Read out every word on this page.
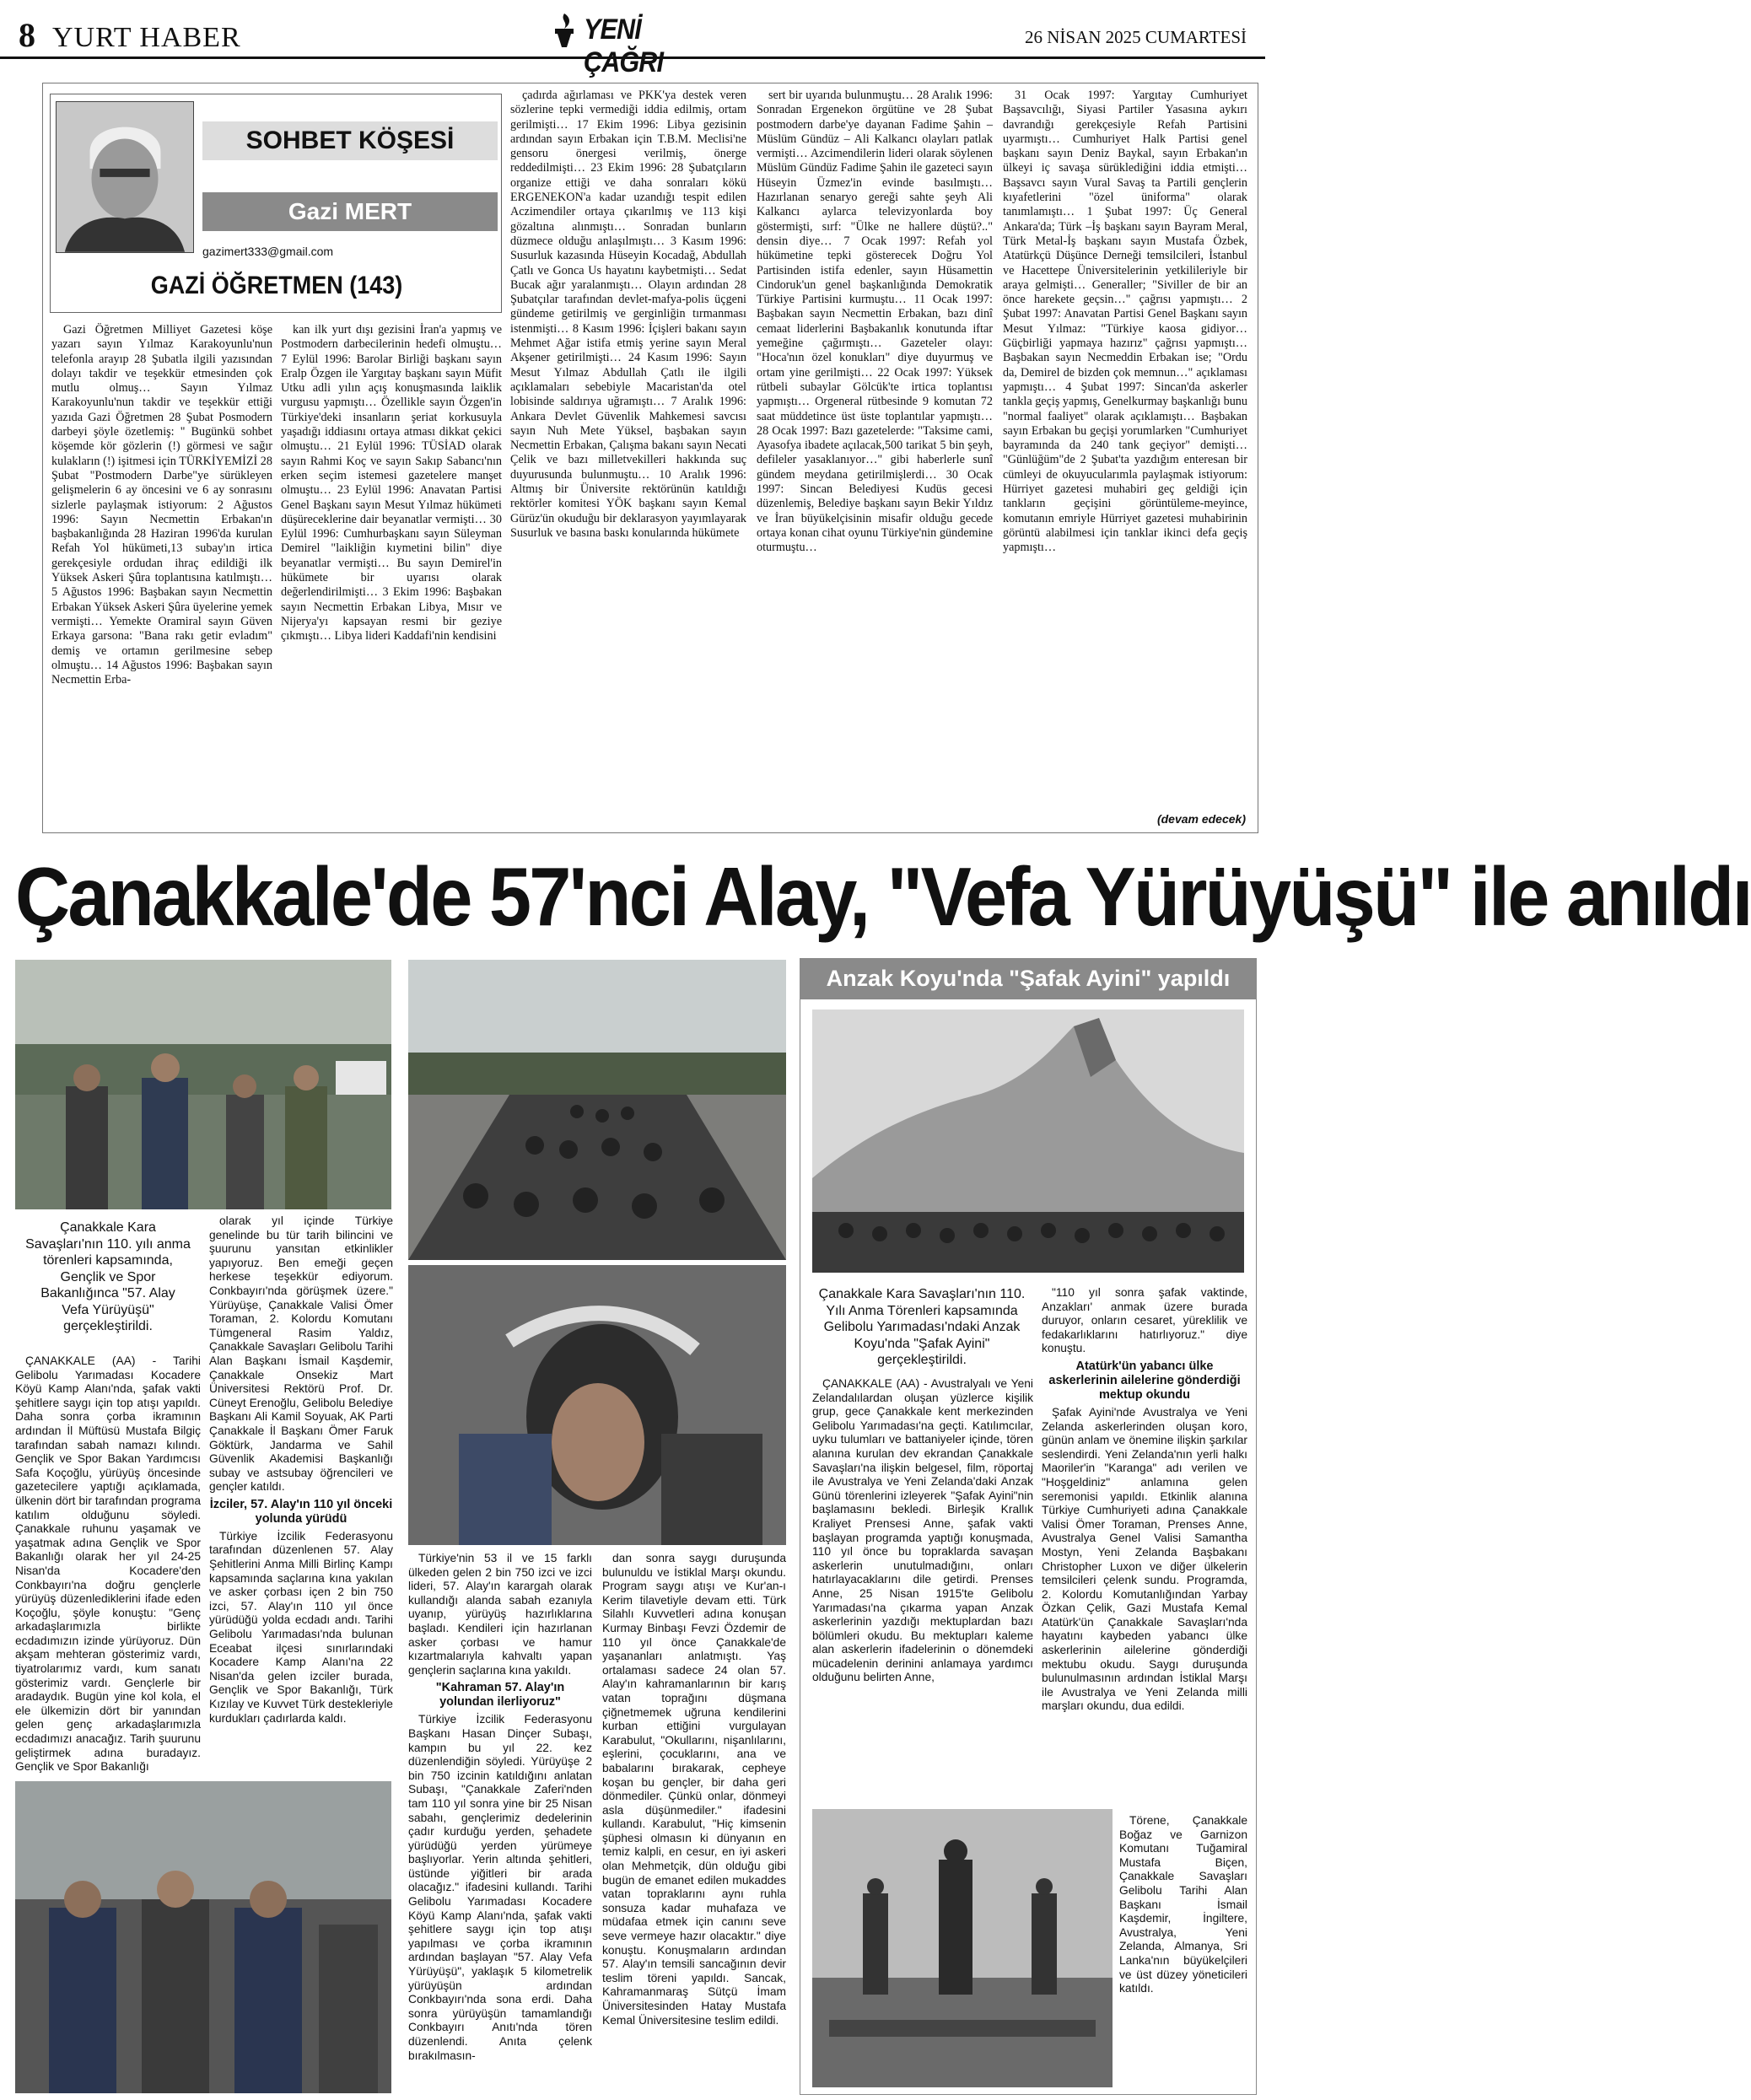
8 YURT HABER	YENİ ÇAĞRI
26 NİSAN 2025 CUMARTESİ
SOHBET KÖŞESİ
Gazi MERT
gazimert333@gmail.com
GAZİ ÖĞRETMEN (143)

Gazi Öğretmen Milliyet Gazetesi köşe yazarı sayın Yılmaz Karakoyunlu'nun telefonla arayıp 28 Şubatla ilgili yazısından dolayı takdir ve teşekkür etmesinden çok mutlu olmuş… Sayın Yılmaz Karakoyunlu'nun takdir ve teşekkür ettiği yazıda Gazi Öğretmen 28 Şubat Posmodern darbeyi şöyle özetlemiş: '' Bugünkü sohbet köşemde kör gözlerin (!) görmesi ve sağır kulakların (!) işitmesi için TÜRKİYEMİZİ 28 Şubat "Postmodern Darbe"ye sürükleyen gelişmelerin 6 ay öncesini ve 6 ay sonrasını sizlerle paylaşmak istiyorum: 2 Ağustos 1996: Sayın Necmettin Erbakan'ın başbakanlığında 28 Haziran 1996'da kurulan Refah Yol hükümeti,13 subay'ın irtica gerekçesiyle ordudan ihraç edildiği ilk Yüksek Askeri Şûra toplantısına katılmıştı… 5 Ağustos 1996: Başbakan sayın Necmettin Erbakan Yüksek Askeri Şûra üyelerine yemek vermişti… Yemekte Oramiral sayın Güven Erkaya garsona: "Bana rakı getir evladım" demiş ve ortamın gerilmesine sebep olmuştu… 14 Ağustos 1996: Başbakan sayın Necmettin Erba-

kan ilk yurt dışı gezisini İran'a yapmış ve Postmodern darbecilerinin hedefi olmuştu… 7 Eylül 1996: Barolar Birliği başkanı sayın Eralp Özgen ile Yargıtay başkanı sayın Müfit Utku adli yılın açış konuşmasında laiklik vurgusu yapmıştı… Özellikle sayın Özgen'in Türkiye'deki insanların şeriat korkusuyla yaşadığı iddiasını ortaya atması dikkat çekici olmuştu… 21 Eylül 1996: TÜSİAD olarak sayın Rahmi Koç ve sayın Sakıp Sabancı'nın erken seçim istemesi gazetelere manşet olmuştu… 23 Eylül 1996: Anavatan Partisi Genel Başkanı sayın Mesut Yılmaz hükümeti düşüreceklerine dair beyanatlar vermişti… 30 Eylül 1996: Cumhurbaşkanı sayın Süleyman Demirel "laikliğin kıymetini bilin" diye beyanatlar vermişti… Bu sayın Demirel'in hükümete bir uyarısı olarak değerlendirilmişti… 3 Ekim 1996: Başbakan sayın Necmettin Erbakan Libya, Mısır ve Nijerya'yı kapsayan resmi bir geziye çıkmıştı… Libya lideri Kaddafi'nin kendisini

çadırda ağırlaması ve PKK'ya destek veren sözlerine tepki vermediği iddia edilmiş, ortam gerilmişti… 17 Ekim 1996: Libya gezisinin ardından sayın Erbakan için T.B.M. Meclisi'ne gensoru önergesi verilmiş, önerge reddedilmişti… 23 Ekim 1996: 28 Şubatçıların organize ettiği ve daha sonraları kökü ERGENEKON'a kadar uzandığı tespit edilen Aczimendiler ortaya çıkarılmış ve 113 kişi gözaltına alınmıştı… Sonradan bunların düzmece olduğu anlaşılmıştı… 3 Kasım 1996: Susurluk kazasında Hüseyin Kocadağ, Abdullah Çatlı ve Gonca Us hayatını kaybetmişti… Sedat Bucak ağır yaralanmıştı… Olayın ardından 28 Şubatçılar tarafından devlet-mafya-polis üçgeni gündeme getirilmiş ve gerginliğin tırmanması istenmişti… 8 Kasım 1996: İçişleri bakanı sayın Mehmet Ağar istifa etmiş yerine sayın Meral Akşener getirilmişti… 24 Kasım 1996: Sayın Mesut Yılmaz Abdullah Çatlı ile ilgili açıklamaları sebebiyle Macaristan'da otel lobisinde saldırıya uğramıştı… 7 Aralık 1996: Ankara Devlet Güvenlik Mahkemesi savcısı sayın Nuh Mete Yüksel, başbakan sayın Necmettin Erbakan, Çalışma bakanı sayın Necati Çelik ve bazı milletvekilleri hakkında suç duyurusunda bulunmuştu… 10 Aralık 1996: Altmış bir Üniversite rektörünün katıldığı rektörler komitesi YÖK başkanı sayın Kemal Gürüz'ün okuduğu bir deklarasyon yayımlayarak Susurluk ve basına baskı konularında hükümete

sert bir uyarıda bulunmuştu… 28 Aralık 1996: Sonradan Ergenekon örgütüne ve 28 Şubat postmodern darbe'ye dayanan Fadime Şahin – Müslüm Gündüz – Ali Kalkancı olayları patlak vermişti… Azcimendilerin lideri olarak söylenen Müslüm Gündüz Fadime Şahin ile gazeteci sayın Hüseyin Üzmez'in evinde basılmıştı… Hazırlanan senaryo gereği sahte şeyh Ali Kalkancı aylarca televizyonlarda boy göstermişti, sırf: "Ülke ne hallere düştü?.." densin diye… 7 Ocak 1997: Refah yol hükümetine tepki gösterecek Doğru Yol Partisinden istifa edenler, sayın Hüsamettin Cindoruk'un genel başkanlığında Demokratik Türkiye Partisini kurmuştu… 11 Ocak 1997: Başbakan sayın Necmettin Erbakan, bazı dinî cemaat liderlerini Başbakanlık konutunda iftar yemeğine çağırmıştı… Gazeteler olayı: "Hoca'nın özel konukları" diye duyurmuş ve ortam yine gerilmişti… 22 Ocak 1997: Yüksek rütbeli subaylar Gölcük'te irtica toplantısı yapmıştı… Orgeneral rütbesinde 9 komutan 72 saat müddetince üst üste toplantılar yapmıştı… 28 Ocak 1997: Bazı gazetelerde: "Taksime cami, Ayasofya ibadete açılacak,500 tarikat 5 bin şeyh, defileler yasaklanıyor…" gibi haberlerle sunî gündem meydana getirilmişlerdi… 30 Ocak 1997: Sincan Belediyesi Kudüs gecesi düzenlemiş, Belediye başkanı sayın Bekir Yıldız ve İran büyükelçisinin misafir olduğu gecede ortaya konan cihat oyunu Türkiye'nin gündemine oturmuştu…

31 Ocak 1997: Yargıtay Cumhuriyet Başsavcılığı, Siyasi Partiler Yasasına aykırı davrandığı gerekçesiyle Refah Partisini uyarmıştı… Cumhuriyet Halk Partisi genel başkanı sayın Deniz Baykal, sayın Erbakan'ın ülkeyi iç savaşa sürüklediğini iddia etmişti… Başsavcı sayın Vural Savaş ta Partili gençlerin kıyafetlerini "özel üniforma" olarak tanımlamıştı… 1 Şubat 1997: Üç General Ankara'da; Türk –İş başkanı sayın Bayram Meral, Türk Metal-İş başkanı sayın Mustafa Özbek, Atatürkçü Düşünce Derneği temsilcileri, İstanbul ve Hacettepe Üniversitelerinin yetkilileriyle bir araya gelmişti… Generaller; "Siviller de bir an önce harekete geçsin…" çağrısı yapmıştı… 2 Şubat 1997: Anavatan Partisi Genel Başkanı sayın Mesut Yılmaz: "Türkiye kaosa gidiyor… Güçbirliği yapmaya hazırız" çağrısı yapmıştı… Başbakan sayın Necmeddin Erbakan ise; "Ordu da, Demirel de bizden çok memnun…" açıklaması yapmıştı… 4 Şubat 1997: Sincan'da askerler tankla geçiş yapmış, Genelkurmay başkanlığı bunu "normal faaliyet" olarak açıklamıştı… Başbakan sayın Erbakan bu geçişi yorumlarken "Cumhuriyet bayramında da 240 tank geçiyor" demişti… "Günlüğüm"de 2 Şubat'ta yazdığım enteresan bir cümleyi de okuyucularımla paylaşmak istiyorum: Hürriyet gazetesi muhabiri geç geldiği için tankların geçişini görüntüleme-meyince, komutanın emriyle Hürriyet gazetesi muhabirinin görüntü alabilmesi için tanklar ikinci defa geçiş yapmıştı…

(devam edecek)
Çanakkale'de 57'nci Alay, "Vefa Yürüyüşü" ile anıldı
Çanakkale Kara Savaşları'nın 110. yılı anma törenleri kapsamında, Gençlik ve Spor Bakanlığınca "57. Alay Vefa Yürüyüşü" gerçekleştirildi.

ÇANAKKALE (AA) - Tarihi Gelibolu Yarımadası Kocadere Köyü Kamp Alanı'nda, şafak vakti şehitlere saygı için top atışı yapıldı. Daha sonra çorba ikramının ardından İl Müftüsü Mustafa Bilgiç tarafından sabah namazı kılındı. Gençlik ve Spor Bakan Yardımcısı Safa Koçoğlu, yürüyüş öncesinde gazetecilere yaptığı açıklamada, ülkenin dört bir tarafından programa katılım olduğunu söyledi. Çanakkale ruhunu yaşamak ve yaşatmak adına Gençlik ve Spor Bakanlığı olarak her yıl 24-25 Nisan'da Kocadere'den Conkbayırı'na doğru gençlerle yürüyüş düzenlediklerini ifade eden Koçoğlu, şöyle konuştu: "Genç arkadaşlarımızla birlikte ecdadımızın izinde yürüyoruz. Dün akşam mehteran gösterimiz vardı, tiyatrolarımız vardı, kum sanatı gösterimiz vardı. Gençlerle bir aradaydık. Bugün yine kol kola, el ele ülkemizin dört bir yanından gelen genç arkadaşlarımızla ecdadımızı anacağız. Tarih şuurunu geliştirmek adına buradayız. Gençlik ve Spor Bakanlığı

olarak yıl içinde Türkiye genelinde bu tür tarih bilincini ve şuurunu yansıtan etkinlikler yapıyoruz. Ben emeği geçen herkese teşekkür ediyorum. Conkbayırı'nda görüşmek üzere." Yürüyüşe, Çanakkale Valisi Ömer Toraman, 2. Kolordu Komutanı Tümgeneral Rasim Yaldız, Çanakkale Savaşları Gelibolu Tarihi Alan Başkanı İsmail Kaşdemir, Çanakkale Onsekiz Mart Üniversitesi Rektörü Prof. Dr. Cüneyt Erenoğlu, Gelibolu Belediye Başkanı Ali Kamil Soyuak, AK Parti Çanakkale İl Başkanı Ömer Faruk Göktürk, Jandarma ve Sahil Güvenlik Akademisi Başkanlığı subay ve astsubay öğrencileri ve gençler katıldı.

İzciler, 57. Alay'ın 110 yıl önceki yolunda yürüdü

Türkiye İzcilik Federasyonu tarafından düzenlenen 57. Alay Şehitlerini Anma Milli Birlinç Kampı kapsamında saçlarına kına yakılan ve asker çorbası içen 2 bin 750 izci, 57. Alay'ın 110 yıl önce yürüdüğü yolda ecdadı andı. Tarihi Gelibolu Yarımadası'nda bulunan Eceabat ilçesi sınırlarındaki Kocadere Kamp Alanı'na 22 Nisan'da gelen izciler burada, Gençlik ve Spor Bakanlığı, Türk Kızılay ve Kuvvet Türk destekleriyle kurdukları çadırlarda kaldı.

Türkiye'nin 53 il ve 15 farklı ülkeden gelen 2 bin 750 izci ve izci lideri, 57. Alay'ın karargah olarak kullandığı alanda sabah ezanıyla uyanıp, yürüyüş hazırlıklarına başladı. Kendileri için hazırlanan asker çorbası ve hamur kızartmalarıyla kahvaltı yapan gençlerin saçlarına kına yakıldı.

"Kahraman 57. Alay'ın yolundan ilerliyoruz"

Türkiye İzcilik Federasyonu Başkanı Hasan Dinçer Subaşı, kampın bu yıl 22. kez düzenlendiğin söyledi. Yürüyüşe 2 bin 750 izcinin katıldığını anlatan Subaşı, "Çanakkale Zaferi'nden tam 110 yıl sonra yine bir 25 Nisan sabahı, gençlerimiz dedelerinin çadır kurduğu yerden, şehadete yürüdüğü yerden yürümeye başlıyorlar. Yerin altında şehitleri, üstünde yiğitleri bir arada olacağız." ifadesini kullandı. Tarihi Gelibolu Yarımadası Kocadere Köyü Kamp Alanı'nda, şafak vakti şehitlere saygı için top atışı yapılması ve çorba ikramının ardından başlayan "57. Alay Vefa Yürüyüşü", yaklaşık 5 kilometrelik yürüyüşün ardından Conkbayırı'nda sona erdi. Daha sonra yürüyüşün tamamlandığı Conkbayırı Anıtı'nda tören düzenlendi. Anıta çelenk bırakılmasın-

dan sonra saygı duruşunda bulunuldu ve İstiklal Marşı okundu. Program saygı atışı ve Kur'an-ı Kerim tilavetiyle devam etti. Türk Silahlı Kuvvetleri adına konuşan Kurmay Binbaşı Fevzi Özdemir de 110 yıl önce Çanakkale'de yaşananları anlatmıştı. Yaş ortalaması sadece 24 olan 57. Alay'ın kahramanlarının bir karış vatan toprağını düşmana çiğnetmemek uğruna kendilerini kurban ettiğini vurgulayan Karabulut, "Okullarını, nişanlılarını, eşlerini, çocuklarını, ana ve babalarını bırakarak, cepheye koşan bu gençler, bir daha geri dönmediler. Çünkü onlar, dönmeyi asla düşünmediler." ifadesini kullandı. Karabulut, "Hiç kimsenin şüphesi olmasın ki dünyanın en temiz kalpli, en cesur, en iyi askeri olan Mehmetçik, dün olduğu gibi bugün de emanet edilen mukaddes vatan topraklarını aynı ruhla sonsuza kadar muhafaza ve müdafaa etmek için canını seve seve vermeye hazır olacaktır." diye konuştu. Konuşmaların ardından 57. Alay'ın temsili sancağının devir teslim töreni yapıldı. Sancak, Kahramanmaraş Sütçü İmam Üniversitesinden Hatay Mustafa Kemal Üniversitesine teslim edildi.

Anzak Koyu'nda "Şafak Ayini" yapıldı
Çanakkale Kara Savaşları'nın 110. Yılı Anma Törenleri kapsamında Gelibolu Yarımadası'ndaki Anzak Koyu'nda "Şafak Ayini" gerçekleştirildi.

ÇANAKKALE (AA) - Avustralyalı ve Yeni Zelandalılardan oluşan yüzlerce kişilik grup, gece Çanakkale kent merkezinden Gelibolu Yarımadası'na geçti. Katılımcılar, uyku tulumları ve battaniyeler içinde, tören alanına kurulan dev ekrandan Çanakkale Savaşları'na ilişkin belgesel, film, röportaj ile Avustralya ve Yeni Zelanda'daki Anzak Günü törenlerini izleyerek "Şafak Ayini"nin başlamasını bekledi. Birleşik Krallık Kraliyet Prensesi Anne, şafak vakti başlayan programda yaptığı konuşmada, 110 yıl önce bu topraklarda savaşan askerlerin unutulmadığını, onları hatırlayacaklarını dile getirdi. Prenses Anne, 25 Nisan 1915'te Gelibolu Yarımadası'na çıkarma yapan Anzak askerlerinin yazdığı mektuplardan bazı bölümleri okudu. Bu mektupları kaleme alan askerlerin ifadelerinin o dönemdeki mücadelenin derinini anlamaya yardımcı olduğunu belirten Anne,

"110 yıl sonra şafak vaktinde, Anzakları' anmak üzere burada duruyor, onların cesaret, yüreklilik ve fedakarlıklarını hatırlıyoruz." diye konuştu.

Atatürk'ün yabancı ülke askerlerinin ailelerine gönderdiği mektup okundu

Şafak Ayini'nde Avustralya ve Yeni Zelanda askerlerinden oluşan koro, günün anlam ve önemine ilişkin şarkılar seslendirdi. Yeni Zelanda'nın yerli halkı Maoriler'in "Karanga" adı verilen ve "Hoşgeldiniz" anlamına gelen seremonisi yapıldı. Etkinlik alanına Türkiye Cumhuriyeti adına Çanakkale Valisi Ömer Toraman, Prenses Anne, Avustralya Genel Valisi Samantha Mostyn, Yeni Zelanda Başbakanı Christopher Luxon ve diğer ülkelerin temsilcileri çelenk sundu. Programda, 2. Kolordu Komutanlığından Yarbay Özkan Çelik, Gazi Mustafa Kemal Atatürk'ün Çanakkale Savaşları'nda hayatını kaybeden yabancı ülke askerlerinin ailelerine gönderdiği mektubu okudu. Saygı duruşunda bulunulmasının ardından İstiklal Marşı ile Avustralya ve Yeni Zelanda milli marşları okundu, dua edildi.

Törene, Çanakkale Boğaz ve Garnizon Komutanı Tuğamiral Mustafa Biçen, Çanakkale Savaşları Gelibolu Tarihi Alan Başkanı İsmail Kaşdemir, İngiltere, Avustralya, Yeni Zelanda, Almanya, Sri Lanka'nın büyükelçileri ve üst düzey yöneticileri katıldı.
